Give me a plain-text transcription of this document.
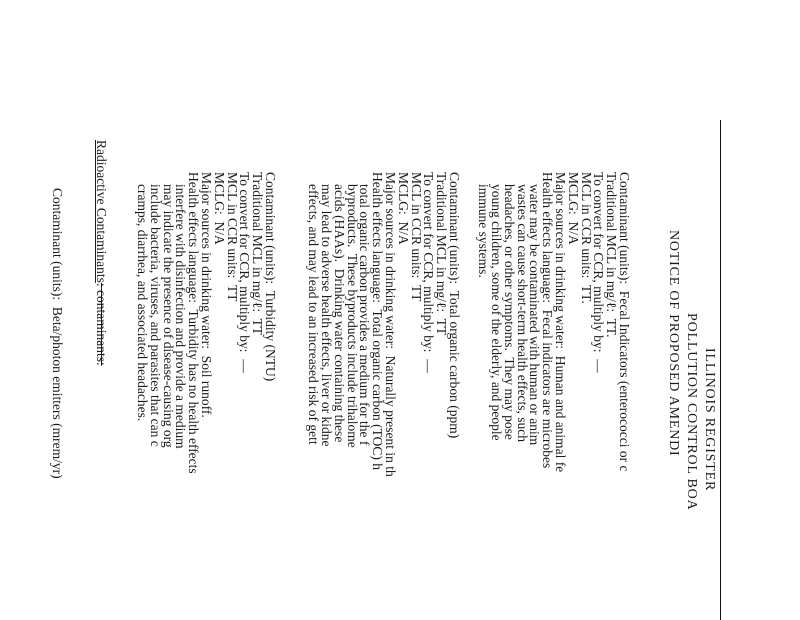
ILLINOIS REGISTER
POLLUTION CONTROL BOA
NOTICE OF PROPOSED AMENDI
Contaminant (units):  Fecal Indicators (enterococci or c
Traditional MCL in mg/ℓ:  TT.
To convert for CCR, multiply by:  —
MCL in CCR units:  TT.
MCLG:  N/A
Major sources in drinking water:  Human and animal fe
Health effects language:  Fecal indicators are microbes
water may be contaminated with human or anim
wastes can cause short-term health effects, such
headaches, or other symptoms.  They may pose
young children, some of the elderly, and people
immune systems.
Contaminant (units):  Total organic carbon (ppm)
Traditional MCL in mg/ℓ:  TT
To convert for CCR, multiply by:  —
MCL in CCR units:  TT
MCLG:  N/A
Major sources in drinking water:  Naturally present in th
Health effects language:  Total organic carbon (TOC) h
total organic carbon provides a medium for the f
byproducts.  These byproducts include trihalome
acids (HAAs).  Drinking water containing these
may lead to adverse health effects, liver or kidne
effects, and may lead to an increased risk of gett
Contaminant (units):  Turbidity (NTU)
Traditional MCL in mg/ℓ:  TT
To convert for CCR, multiply by:  —
MCL in CCR units:  TT
MCLG:  N/A
Major sources in drinking water:  Soil runoff.
Health effects language:  Turbidity has no health effects
interfere with disinfection and provide a medium
may indicate the presence of disease-causing org
include bacteria, viruses, and parasites that can c
cramps, diarrhea, and associated headaches.
Radioactive Contaminants: contaminants:
Contaminant (units):  Beta/photon emitters (mrem/yr)
